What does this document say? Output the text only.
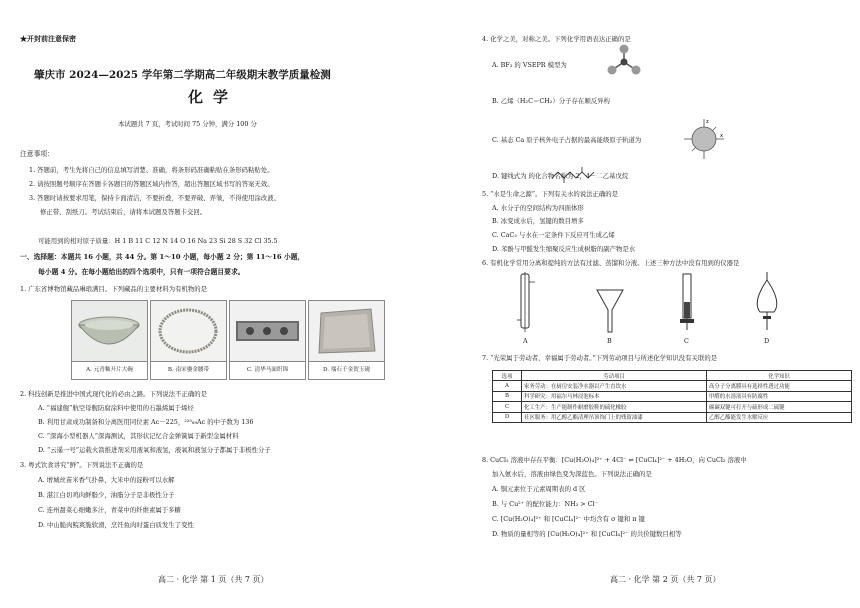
★开封前注意保密
肇庆市 2024—2025 学年第二学期高二年级期末教学质量检测
化学
本试题共 7 页，考试时间 75 分钟，满分 100 分
注意事项：
1. 答题前，考生先将自己的信息填写清楚、准确，将条形码准确粘贴在条形码粘贴处。
2. 请按照题号顺序在答题卡各题目的答题区域内作答，超出答题区域书写的答案无效。
3. 答题时请按要求用笔，保持卡面清洁，不要折叠，不要弄破、弄皱，不得使用涂改液、
修正带、刮纸刀。考试结束后，请将本试题及答题卡交回。
可能用到的相对原子质量：H 1 B 11 C 12 N 14 O 16 Na 23 Si 28 S 32 Cl 35.5
一、选择题：本题共 16 小题，共 44 分。第 1～10 小题，每小题 2 分；第 11～16 小题，
每小题 4 分。在每小题给出的四个选项中，只有一项符合题目要求。
1. 广东省博物馆藏品琳琅满目。下列藏品的主要材料为有机物的是
A. 元青釉开片大碗	B. 南宋鎏金腰带	C. 清华马面织锦	D. 端石千金贺玉砚
2. 科技创新是推进中国式现代化的必由之路。下列说法不正确的是
A. “福建舰”航空母舰防腐涂料中使用的石墨烯属于烯烃
B. 利用甘肃成功制备和分离医用同位素 Ac－225，²²⁵₈₉Ac 的中子数为 136
C. “深海小型机器人”深海测试，其形状记忆合金弹簧属于新型金属材料
D. “云遥一号”运载火箭推进剂采用液氧和液氢，液氧和液氢分子都属于非极性分子
3. 粤式饮食讲究“鲜”。下列说法不正确的是
A. 增城丝苗米香气扑鼻，大米中的淀粉可以水解
B. 湛江白切鸡肉鲜脂少，油脂分子是非极性分子
C. 连州甜菜心细嫩多汁，青菜中的纤维素属于多糖
D. 中山脆肉鲩爽脆软滑，烹饪鱼肉时蛋白质发生了变性
高二 · 化学 第 1 页（共 7 页）
4. 化学之美，对称之美。下列化学用语表达正确的是
A. BF₃ 的 VSEPR 模型为
B. 乙烯（H₂C＝CH₂）分子存在顺反异构
C. 基态 Ca 原子核外电子占据的最高能级原子轨道为	x
z
D. 键线式为 的化合物名称为 2，4－二乙基戊烷
5. “水是生命之源”。下列有关水的说法正确的是
A. 水分子的空间结构为四面体形
B. 冰变成水后，氢键的数目增多
C. CaC₂ 与水在一定条件下反应可生成乙烯
D. 苯酚与甲醛发生缩聚反应生成树脂的副产物是水
6. 有机化学常用分离和提纯的方法有过滤、蒸馏和分液。上述三种方法中没有用到的仪器是
A	B	C	D
7. “光荣属于劳动者，幸福属于劳动者。”下列劳动项目与所述化学知识没有关联的是
选项	劳动项目	化学知识
A	家务劳动：在厨房安装净水器以产生直饮水	高分子分离膜具有选择性透过功能
B	科学研究：用福尔马林浸泡标本	甲醛的水溶液具有防腐性
C	化工生产：生产能制作耐磨胶鞋的硫化橡胶	碳碳双键可打开与硫形成二硫键
D	社区服务：用乙醇乙酯清理吊顶饰门上的残留油漆	乙醇乙酯能发生水解反应
8. CuCl₂ 溶液中存在平衡：[Cu(H₂O)₄]²⁺ + 4Cl⁻ ⇌ [CuCl₄]²⁻ + 4H₂O，向 CuCl₂ 溶液中
加入氨水后，溶液由绿色变为深蓝色。下列说法正确的是
A. 铜元素位于元素周期表的 d 区
B. 与 Cu²⁺ 的配位能力：NH₃ > Cl⁻
C. [Cu(H₂O)₄]²⁺ 和 [CuCl₄]²⁻ 中均含有 σ 键和 π 键
D. 物质的量相等的 [Cu(H₂O)₄]²⁺ 和 [CuCl₄]²⁻ 的共价键数目相等
高二 · 化学 第 2 页（共 7 页）
